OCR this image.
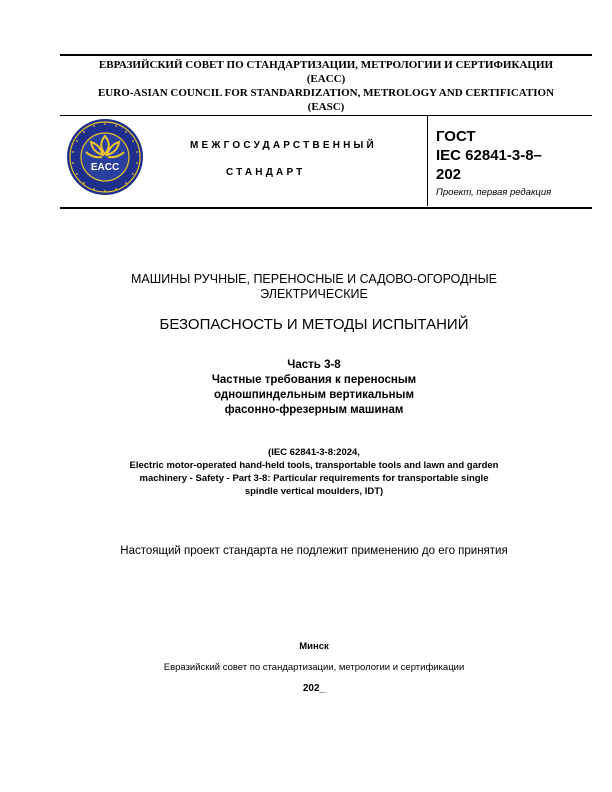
ЕВРАЗИЙСКИЙ СОВЕТ ПО СТАНДАРТИЗАЦИИ, МЕТРОЛОГИИ И СЕРТИФИКАЦИИ
(EACC)
EURO-ASIAN COUNCIL FOR STANDARDIZATION, METROLOGY AND CERTIFICATION
(EASC)
EACC
МЕЖГОСУДАРСТВЕННЫЙ
СТАНДАРТ
ГОСТ
IEC 62841-3-8–
202
Проект, первая редакция
МАШИНЫ РУЧНЫЕ, ПЕРЕНОСНЫЕ И САДОВО-ОГОРОДНЫЕ
ЭЛЕКТРИЧЕСКИЕ
БЕЗОПАСНОСТЬ И МЕТОДЫ ИСПЫТАНИЙ
Часть 3-8
Частные требования к переносным
одношпиндельным вертикальным
фасонно-фрезерным машинам
(IEC 62841-3-8:2024,
Electric motor-operated hand-held tools, transportable tools and lawn and garden
machinery - Safety - Part 3-8: Particular requirements for transportable single
spindle vertical moulders, IDT)
Настоящий проект стандарта не подлежит применению до его принятия
Минск
Евразийский совет по стандартизации, метрологии и сертификации
202_
